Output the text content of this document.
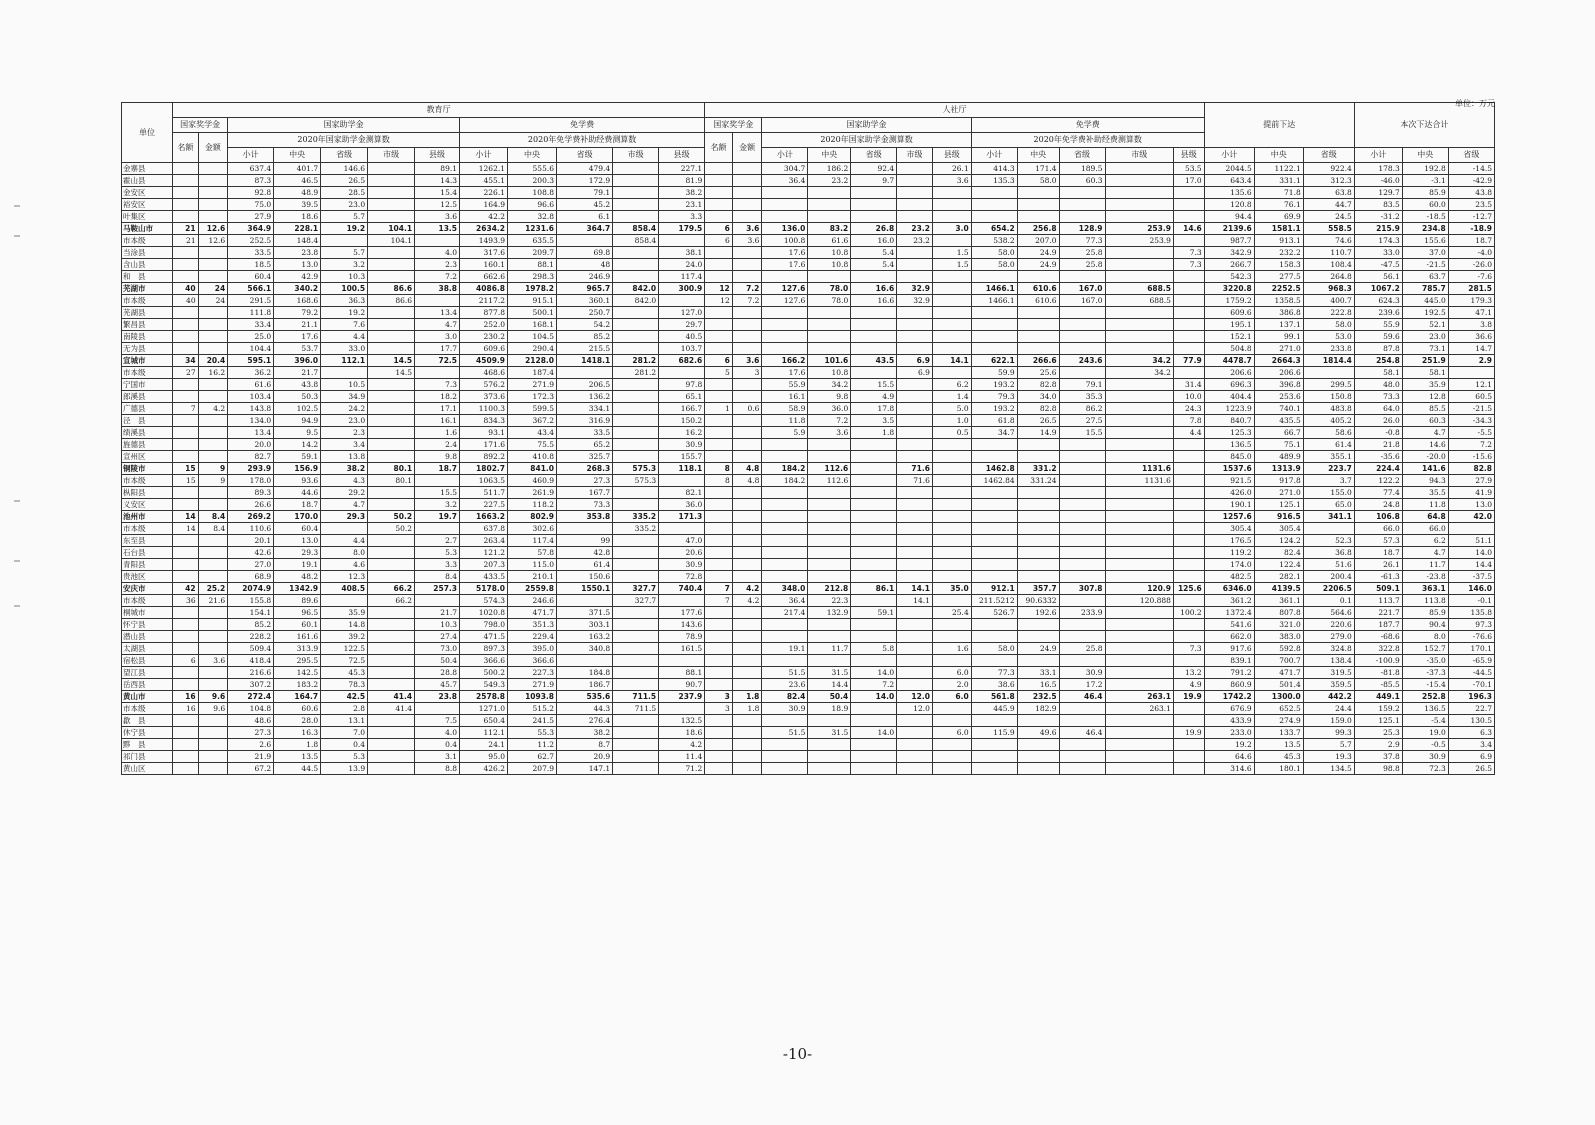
单位：万元
单位	教育厅												人社厅												提前下达			本次下达合计		
	国家奖学金		国家助学金					免学费					国家奖学金		国家助学金					免学费										
	名额	金额	2020年国家助学金测算数					2020年免学费补助经费测算数					名额	金额	2020年国家助学金测算数					2020年免学费补助经费测算数										
			小计	中央	省级	市级	县级	小计	中央	省级	市级	县级			小计	中央	省级	市级	县级	小计	中央	省级	市级	县级	小计	中央	省级	小计	中央	省级
金寨县			637.4	401.7	146.6		89.1	1262.1	555.6	479.4		227.1			304.7	186.2	92.4		26.1	414.3	171.4	189.5		53.5	2044.5	1122.1	922.4	178.3	192.8	-14.5
霍山县			87.3	46.5	26.5		14.3	455.1	200.3	172.9		81.9			36.4	23.2	9.7		3.6	135.3	58.0	60.3		17.0	643.4	331.1	312.3	-46.0	-3.1	-42.9
金安区			92.8	48.9	28.5		15.4	226.1	108.8	79.1		38.2													135.6	71.8	63.8	129.7	85.9	43.8
裕安区			75.0	39.5	23.0		12.5	164.9	96.6	45.2		23.1													120.8	76.1	44.7	83.5	60.0	23.5
叶集区			27.9	18.6	5.7		3.6	42.2	32.8	6.1		3.3													94.4	69.9	24.5	-31.2	-18.5	-12.7
马鞍山市	21	12.6	364.9	228.1	19.2	104.1	13.5	2634.2	1231.6	364.7	858.4	179.5	6	3.6	136.0	83.2	26.8	23.2	3.0	654.2	256.8	128.9	253.9	14.6	2139.6	1581.1	558.5	215.9	234.8	-18.9
市本级	21	12.6	252.5	148.4		104.1		1493.9	635.5		858.4		6	3.6	100.8	61.6	16.0	23.2		538.2	207.0	77.3	253.9		987.7	913.1	74.6	174.3	155.6	18.7
当涂县			33.5	23.8	5.7		4.0	317.6	209.7	69.8		38.1			17.6	10.8	5.4		1.5	58.0	24.9	25.8		7.3	342.9	232.2	110.7	33.0	37.0	-4.0
含山县			18.5	13.0	3.2		2.3	160.1	88.1	48		24.0			17.6	10.8	5.4		1.5	58.0	24.9	25.8		7.3	266.7	158.3	108.4	-47.5	-21.5	-26.0
和　县			60.4	42.9	10.3		7.2	662.6	298.3	246.9		117.4													542.3	277.5	264.8	56.1	63.7	-7.6
芜湖市	40	24	566.1	340.2	100.5	86.6	38.8	4086.8	1978.2	965.7	842.0	300.9	12	7.2	127.6	78.0	16.6	32.9		1466.1	610.6	167.0	688.5		3220.8	2252.5	968.3	1067.2	785.7	281.5
市本级	40	24	291.5	168.6	36.3	86.6		2117.2	915.1	360.1	842.0		12	7.2	127.6	78.0	16.6	32.9		1466.1	610.6	167.0	688.5		1759.2	1358.5	400.7	624.3	445.0	179.3
芜湖县			111.8	79.2	19.2		13.4	877.8	500.1	250.7		127.0													609.6	386.8	222.8	239.6	192.5	47.1
繁昌县			33.4	21.1	7.6		4.7	252.0	168.1	54.2		29.7													195.1	137.1	58.0	55.9	52.1	3.8
南陵县			25.0	17.6	4.4		3.0	230.2	104.5	85.2		40.5													152.1	99.1	53.0	59.6	23.0	36.6
无为县			104.4	53.7	33.0		17.7	609.6	290.4	215.5		103.7													504.8	271.0	233.8	87.8	73.1	14.7
宣城市	34	20.4	595.1	396.0	112.1	14.5	72.5	4509.9	2128.0	1418.1	281.2	682.6	6	3.6	166.2	101.6	43.5	6.9	14.1	622.1	266.6	243.6	34.2	77.9	4478.7	2664.3	1814.4	254.8	251.9	2.9
市本级	27	16.2	36.2	21.7		14.5		468.6	187.4		281.2		5	3	17.6	10.8		6.9		59.9	25.6		34.2		206.6	206.6		58.1	58.1	
宁国市			61.6	43.8	10.5		7.3	576.2	271.9	206.5		97.8			55.9	34.2	15.5		6.2	193.2	82.8	79.1		31.4	696.3	396.8	299.5	48.0	35.9	12.1
郎溪县			103.4	50.3	34.9		18.2	373.6	172.3	136.2		65.1			16.1	9.8	4.9		1.4	79.3	34.0	35.3		10.0	404.4	253.6	150.8	73.3	12.8	60.5
广德县	7	4.2	143.8	102.5	24.2		17.1	1100.3	599.5	334.1		166.7	1	0.6	58.9	36.0	17.8		5.0	193.2	82.8	86.2		24.3	1223.9	740.1	483.8	64.0	85.5	-21.5
泾　县			134.0	94.9	23.0		16.1	834.3	367.2	316.9		150.2			11.8	7.2	3.5		1.0	61.8	26.5	27.5		7.8	840.7	435.5	405.2	26.0	60.3	-34.3
绩溪县			13.4	9.5	2.3		1.6	93.1	43.4	33.5		16.2			5.9	3.6	1.8		0.5	34.7	14.9	15.5		4.4	125.3	66.7	58.6	-0.8	4.7	-5.5
旌德县			20.0	14.2	3.4		2.4	171.6	75.5	65.2		30.9													136.5	75.1	61.4	21.8	14.6	7.2
宣州区			82.7	59.1	13.8		9.8	892.2	410.8	325.7		155.7													845.0	489.9	355.1	-35.6	-20.0	-15.6
铜陵市	15	9	293.9	156.9	38.2	80.1	18.7	1802.7	841.0	268.3	575.3	118.1	8	4.8	184.2	112.6		71.6		1462.8	331.2		1131.6		1537.6	1313.9	223.7	224.4	141.6	82.8
市本级	15	9	178.0	93.6	4.3	80.1		1063.5	460.9	27.3	575.3		8	4.8	184.2	112.6		71.6		1462.84	331.24		1131.6		921.5	917.8	3.7	122.2	94.3	27.9
枞阳县			89.3	44.6	29.2		15.5	511.7	261.9	167.7		82.1													426.0	271.0	155.0	77.4	35.5	41.9
义安区			26.6	18.7	4.7		3.2	227.5	118.2	73.3		36.0													190.1	125.1	65.0	24.8	11.8	13.0
池州市	14	8.4	269.2	170.0	29.3	50.2	19.7	1663.2	802.9	353.8	335.2	171.3													1257.6	916.5	341.1	106.8	64.8	42.0
市本级	14	8.4	110.6	60.4		50.2		637.8	302.6		335.2														305.4	305.4		66.0	66.0	
东至县			20.1	13.0	4.4		2.7	263.4	117.4	99		47.0													176.5	124.2	52.3	57.3	6.2	51.1
石台县			42.6	29.3	8.0		5.3	121.2	57.8	42.8		20.6													119.2	82.4	36.8	18.7	4.7	14.0
青阳县			27.0	19.1	4.6		3.3	207.3	115.0	61.4		30.9													174.0	122.4	51.6	26.1	11.7	14.4
贵池区			68.9	48.2	12.3		8.4	433.5	210.1	150.6		72.8													482.5	282.1	200.4	-61.3	-23.8	-37.5
安庆市	42	25.2	2074.9	1342.9	408.5	66.2	257.3	5178.0	2559.8	1550.1	327.7	740.4	7	4.2	348.0	212.8	86.1	14.1	35.0	912.1	357.7	307.8	120.9	125.6	6346.0	4139.5	2206.5	509.1	363.1	146.0
市本级	36	21.6	155.8	89.6		66.2		574.3	246.6		327.7		7	4.2	36.4	22.3		14.1		211.5212	90.6332		120.888		361.2	361.1	0.1	113.7	113.8	-0.1
桐城市			154.1	96.5	35.9		21.7	1020.8	471.7	371.5		177.6			217.4	132.9	59.1		25.4	526.7	192.6	233.9		100.2	1372.4	807.8	564.6	221.7	85.9	135.8
怀宁县			85.2	60.1	14.8		10.3	798.0	351.3	303.1		143.6													541.6	321.0	220.6	187.7	90.4	97.3
潜山县			228.2	161.6	39.2		27.4	471.5	229.4	163.2		78.9													662.0	383.0	279.0	-68.6	8.0	-76.6
太湖县			509.4	313.9	122.5		73.0	897.3	395.0	340.8		161.5			19.1	11.7	5.8		1.6	58.0	24.9	25.8		7.3	917.6	592.8	324.8	322.8	152.7	170.1
宿松县	6	3.6	418.4	295.5	72.5		50.4	366.6	366.6																839.1	700.7	138.4	-100.9	-35.0	-65.9
望江县			216.6	142.5	45.3		28.8	500.2	227.3	184.8		88.1			51.5	31.5	14.0		6.0	77.3	33.1	30.9		13.2	791.2	471.7	319.5	-81.8	-37.3	-44.5
岳西县			307.2	183.2	78.3		45.7	549.3	271.9	186.7		90.7			23.6	14.4	7.2		2.0	38.6	16.5	17.2		4.9	860.9	501.4	359.5	-85.5	-15.4	-70.1
黄山市	16	9.6	272.4	164.7	42.5	41.4	23.8	2578.8	1093.8	535.6	711.5	237.9	3	1.8	82.4	50.4	14.0	12.0	6.0	561.8	232.5	46.4	263.1	19.9	1742.2	1300.0	442.2	449.1	252.8	196.3
市本级	16	9.6	104.8	60.6	2.8	41.4		1271.0	515.2	44.3	711.5		3	1.8	30.9	18.9		12.0		445.9	182.9		263.1		676.9	652.5	24.4	159.2	136.5	22.7
歙　县			48.6	28.0	13.1		7.5	650.4	241.5	276.4		132.5													433.9	274.9	159.0	125.1	-5.4	130.5
休宁县			27.3	16.3	7.0		4.0	112.1	55.3	38.2		18.6			51.5	31.5	14.0		6.0	115.9	49.6	46.4		19.9	233.0	133.7	99.3	25.3	19.0	6.3
黟　县			2.6	1.8	0.4		0.4	24.1	11.2	8.7		4.2													19.2	13.5	5.7	2.9	-0.5	3.4
祁门县			21.9	13.5	5.3		3.1	95.0	62.7	20.9		11.4													64.6	45.3	19.3	37.8	30.9	6.9
黄山区			67.2	44.5	13.9		8.8	426.2	207.9	147.1		71.2													314.6	180.1	134.5	98.8	72.3	26.5
-10-
